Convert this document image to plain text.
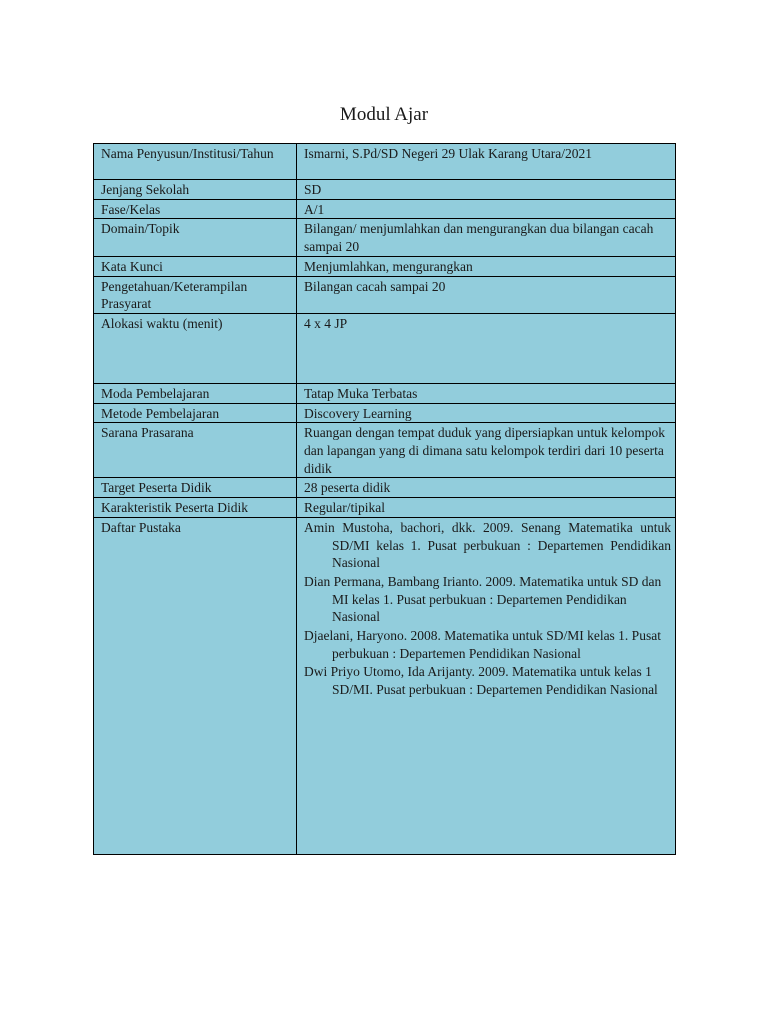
Modul Ajar
Nama Penyusun/Institusi/Tahun	Ismarni, S.Pd/SD Negeri 29 Ulak Karang Utara/2021
Jenjang Sekolah	SD
Fase/Kelas	A/1
Domain/Topik	Bilangan/ menjumlahkan dan mengurangkan dua bilangan cacah sampai 20
Kata Kunci	Menjumlahkan, mengurangkan
Pengetahuan/Keterampilan Prasyarat	Bilangan cacah sampai 20
Alokasi waktu (menit)	4 x 4 JP
Moda Pembelajaran	Tatap Muka Terbatas
Metode Pembelajaran	Discovery Learning
Sarana Prasarana	Ruangan dengan tempat duduk yang dipersiapkan untuk kelompok dan lapangan yang di dimana satu kelompok terdiri dari 10 peserta didik
Target Peserta Didik	28 peserta didik
Karakteristik Peserta Didik	Regular/tipikal
Daftar Pustaka	Amin Mustoha, bachori, dkk. 2009. Senang Matematika untuk SD/MI kelas 1. Pusat perbukuan : Departemen Pendidikan Nasional
Dian Permana, Bambang Irianto. 2009. Matematika untuk SD dan MI kelas 1. Pusat perbukuan : Departemen Pendidikan Nasional
Djaelani, Haryono. 2008. Matematika untuk SD/MI kelas 1. Pusat perbukuan : Departemen Pendidikan Nasional
Dwi Priyo Utomo, Ida Arijanty. 2009. Matematika untuk kelas 1 SD/MI. Pusat perbukuan : Departemen Pendidikan Nasional
